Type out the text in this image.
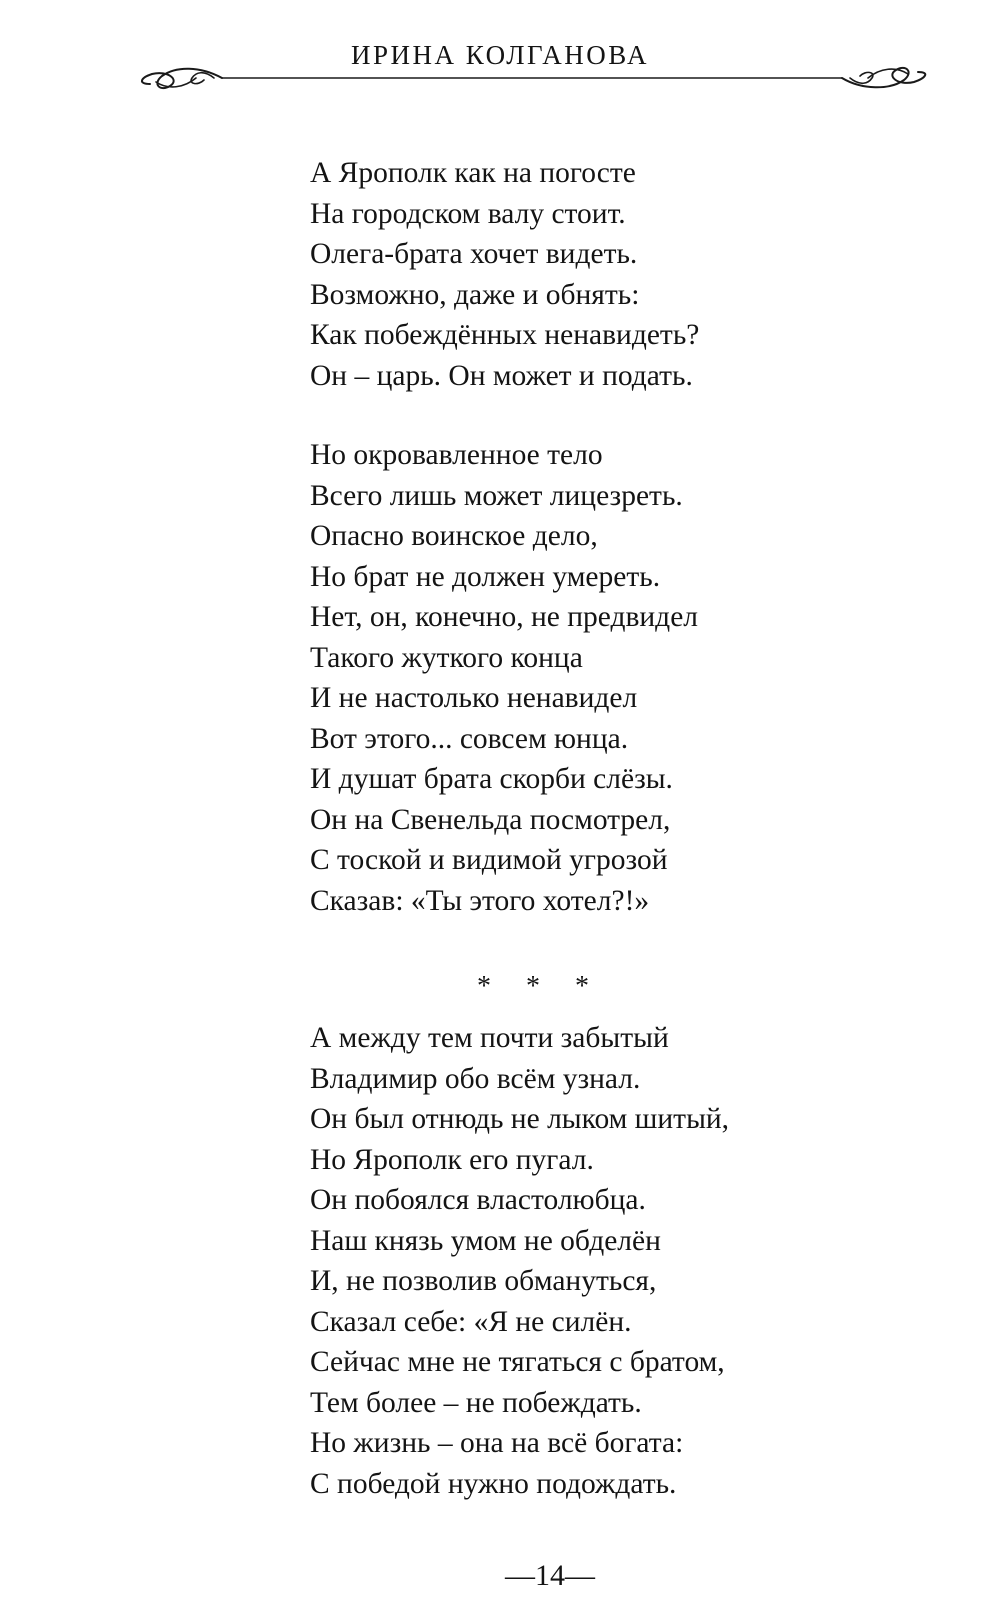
ИРИНА КОЛГАНОВА
А Ярополк как на погосте
На городском валу стоит.
Олега-брата хочет видеть.
Возможно, даже и обнять:
Как побеждённых ненавидеть?
Он – царь. Он может и подать.
Но окровавленное тело
Всего лишь может лицезреть.
Опасно воинское дело,
Но брат не должен умереть.
Нет, он, конечно, не предвидел
Такого жуткого конца
И не настолько ненавидел
Вот этого... совсем юнца.
И душат брата скорби слёзы.
Он на Свенельда посмотрел,
С тоской и видимой угрозой
Сказав: «Ты этого хотел?!»
* * *
А между тем почти забытый
Владимир обо всём узнал.
Он был отнюдь не лыком шитый,
Но Ярополк его пугал.
Он побоялся властолюбца.
Наш князь умом не обделён
И, не позволив обмануться,
Сказал себе: «Я не силён.
Сейчас мне не тягаться с братом,
Тем более – не побеждать.
Но жизнь – она на всё богата:
С победой нужно подождать.
—14—
